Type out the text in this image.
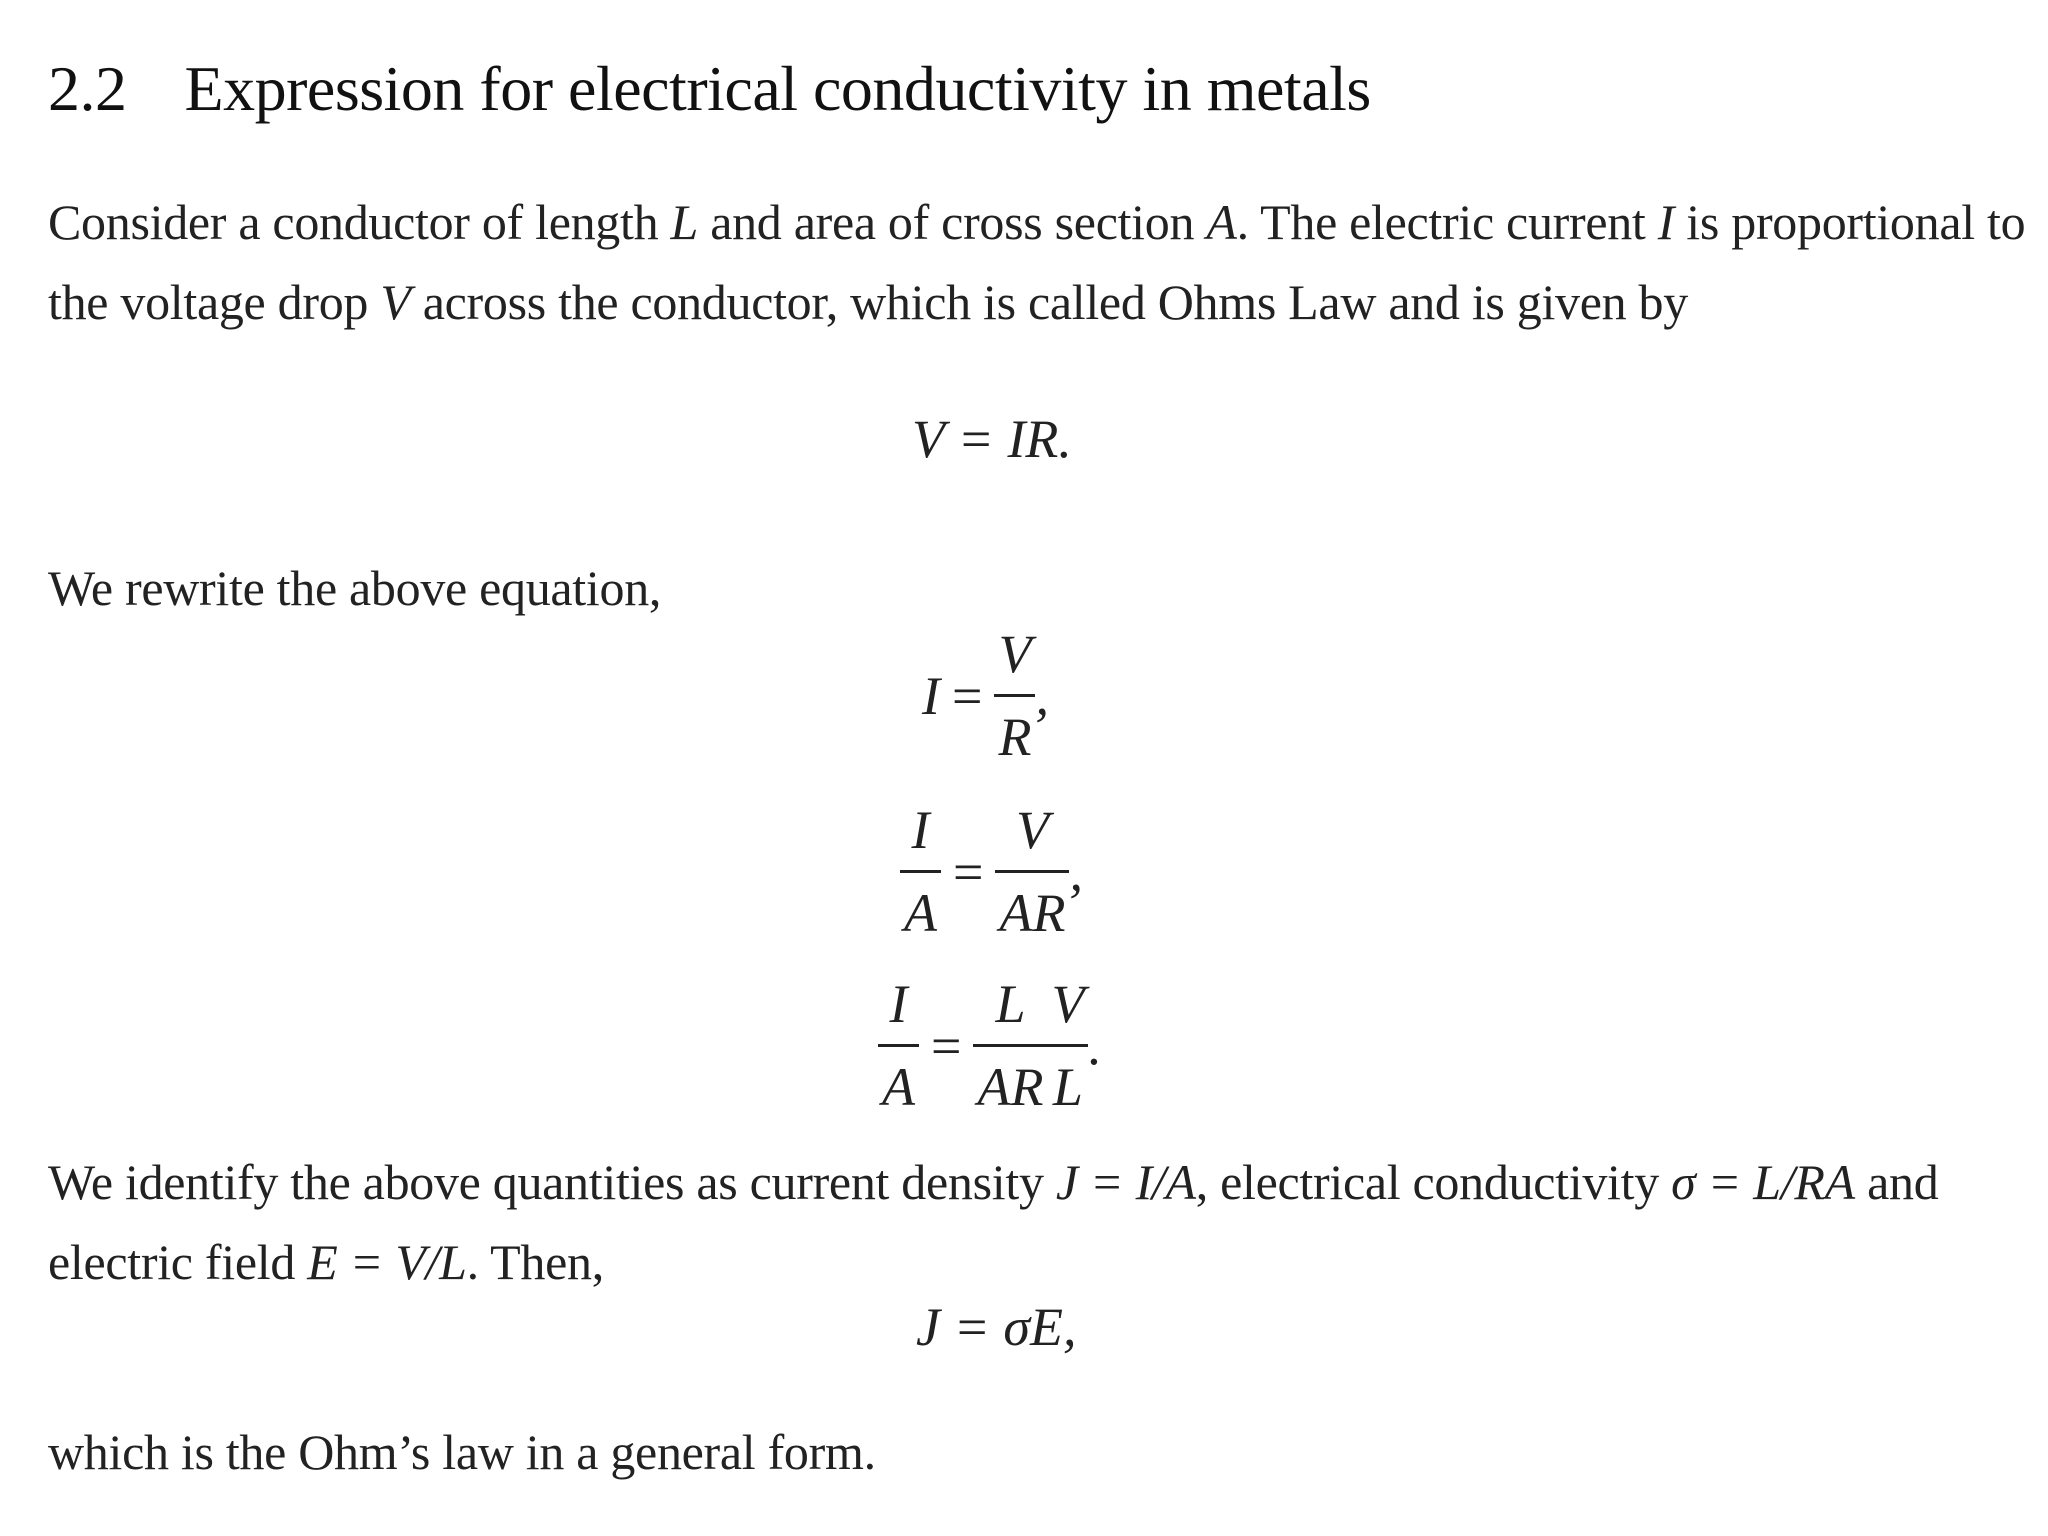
2.2 Expression for electrical conductivity in metals
Consider a conductor of length L and area of cross section A. The electric current I is proportional to
the voltage drop V across the conductor, which is called Ohms Law and is given by
V = IR.
We rewrite the above equation,
$I = \frac{V}{R}$ ,
$\frac{I}{A} = \frac{V}{AR}$ ,
$\frac{I}{A} = \frac{L}{AR} \frac{V}{L}$ .
We identify the above quantities as current density J = I/A, electrical conductivity σ = L/RA and
electric field E = V/L. Then,
J = σE,
which is the Ohm’s law in a general form.
